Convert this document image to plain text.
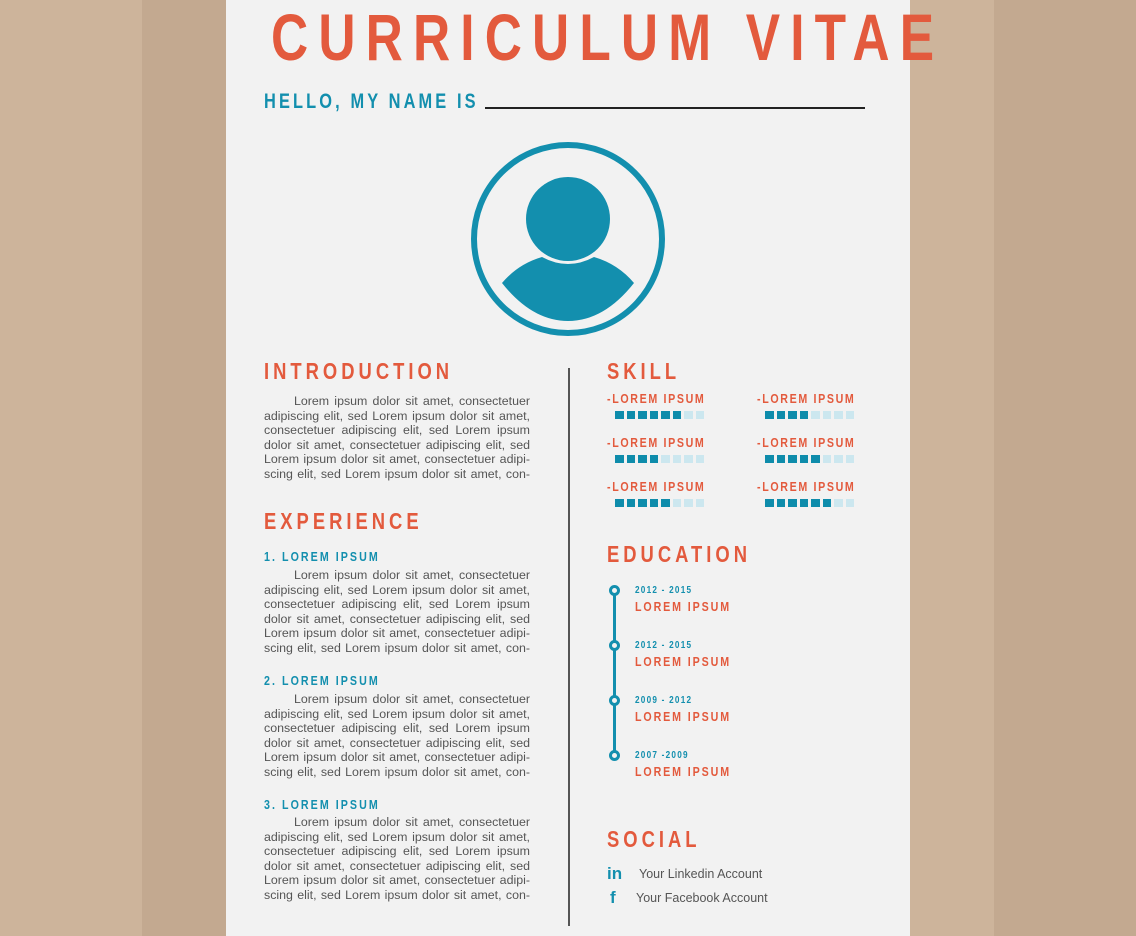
CURRICULUM VITAE
HELLO, MY NAME IS
INTRODUCTION
Lorem ipsum dolor sit amet, consectetuer
adipiscing elit, sed Lorem ipsum dolor sit amet,
consectetuer adipiscing elit, sed Lorem ipsum
dolor sit amet, consectetuer adipiscing elit, sed
Lorem ipsum dolor sit amet, consectetuer adipi-
scing elit, sed Lorem ipsum dolor sit amet, con-
EXPERIENCE
1. LOREM IPSUM
Lorem ipsum dolor sit amet, consectetuer
adipiscing elit, sed Lorem ipsum dolor sit amet,
consectetuer adipiscing elit, sed Lorem ipsum
dolor sit amet, consectetuer adipiscing elit, sed
Lorem ipsum dolor sit amet, consectetuer adipi-
scing elit, sed Lorem ipsum dolor sit amet, con-
2. LOREM IPSUM
Lorem ipsum dolor sit amet, consectetuer
adipiscing elit, sed Lorem ipsum dolor sit amet,
consectetuer adipiscing elit, sed Lorem ipsum
dolor sit amet, consectetuer adipiscing elit, sed
Lorem ipsum dolor sit amet, consectetuer adipi-
scing elit, sed Lorem ipsum dolor sit amet, con-
3. LOREM IPSUM
Lorem ipsum dolor sit amet, consectetuer
adipiscing elit, sed Lorem ipsum dolor sit amet,
consectetuer adipiscing elit, sed Lorem ipsum
dolor sit amet, consectetuer adipiscing elit, sed
Lorem ipsum dolor sit amet, consectetuer adipi-
scing elit, sed Lorem ipsum dolor sit amet, con-
SKILL
-LOREM IPSUM
-LOREM IPSUM
-LOREM IPSUM
-LOREM IPSUM
-LOREM IPSUM
-LOREM IPSUM
EDUCATION
2012 - 2015
LOREM IPSUM
2012 - 2015
LOREM IPSUM
2009 - 2012
LOREM IPSUM
2007 -2009
LOREM IPSUM
SOCIAL
in	Your Linkedin Account
f	Your Facebook Account
